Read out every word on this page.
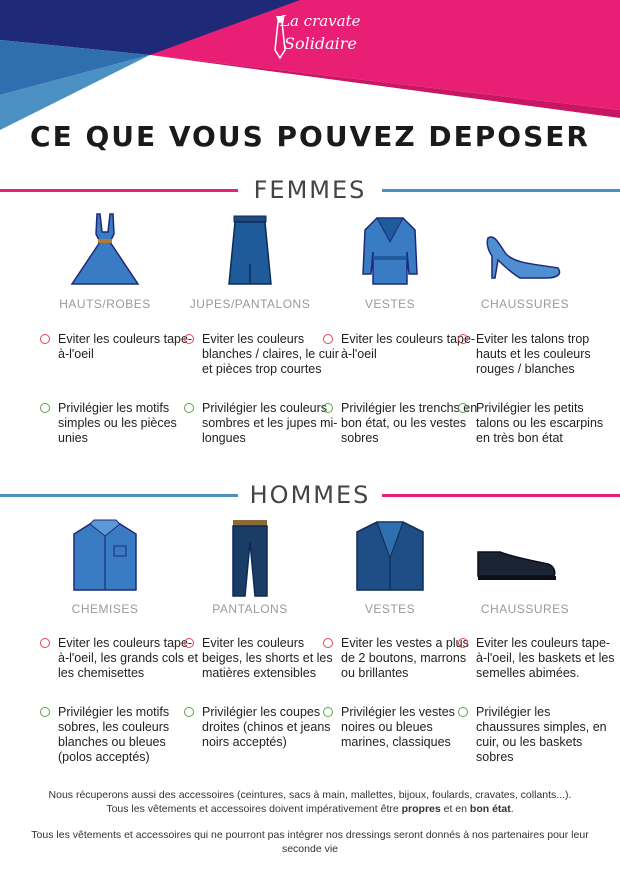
La cravate
Solidaire
CE QUE VOUS POUVEZ DEPOSER
FEMMES
HOMMES
HAUTS/ROBES	JUPES/PANTALONS	VESTES	CHAUSSURES
CHEMISES	PANTALONS	VESTES	CHAUSSURES
Eviter les couleurs tape-à-l'oeil
Eviter les couleurs blanches / claires, le cuir et pièces trop courtes
Eviter les couleurs tape-à-l'oeil
Eviter les talons trop hauts et les couleurs rouges / blanches
Privilégier les motifs simples ou les pièces unies
Privilégier les couleurs sombres et les jupes mi-longues
Privilégier les trenchs en bon état, ou les vestes sobres
Privilégier les petits talons ou les escarpins en très bon état
Eviter les couleurs tape-à-l'oeil, les grands cols et les chemisettes
Eviter les couleurs beiges, les shorts et les matières extensibles
Eviter les vestes a plus de 2 boutons, marrons ou brillantes
Eviter les couleurs tape-à-l'oeil, les baskets et les semelles abimées.
Privilégier les motifs sobres, les couleurs blanches ou bleues (polos acceptés)
Privilégier les coupes droites (chinos et jeans noirs acceptés)
Privilégier les vestes noires ou bleues marines, classiques
Privilégier les chaussures simples, en cuir, ou les baskets sobres
Nous récuperons aussi des accessoires (ceintures, sacs à main, mallettes, bijoux, foulards, cravates, collants...).
Tous les vêtements et accessoires doivent impérativement être propres et en bon état.
Tous les vêtements et accessoires qui ne pourront pas intégrer nos dressings seront donnés à nos partenaires pour leur seconde vie
